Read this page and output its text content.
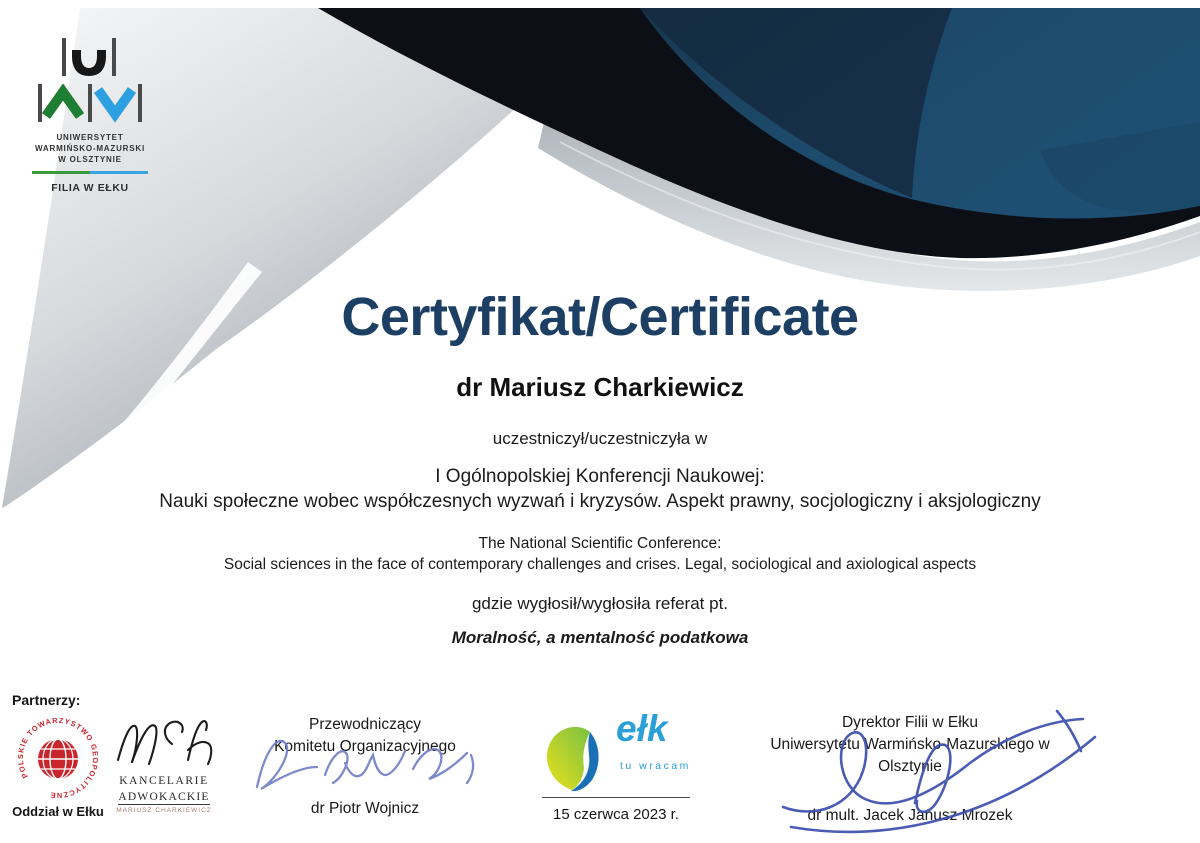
UNIWERSYTET
WARMIŃSKO-MAZURSKI
W OLSZTYNIE
FILIA W EŁKU
Certyfikat/Certificate
dr Mariusz Charkiewicz
uczestniczył/uczestniczyła w
I Ogólnopolskiej Konferencji Naukowej:
Nauki społeczne wobec współczesnych wyzwań i kryzysów. Aspekt prawny, socjologiczny i aksjologiczny
The National Scientific Conference:
Social sciences in the face of contemporary challenges and crises. Legal, sociological and axiological aspects
gdzie wygłosił/wygłosiła referat pt.
Moralność, a mentalność podatkowa
Partnerzy:
POLSKIE TOWARZYSTWO GEOPOLITYCZNE
Oddział w Ełku
KANCELARIE
ADWOKACKIE
MARIUSZ CHARKIEWICZ
Przewodniczący
Komitetu Organizacyjnego
dr Piotr Wojnicz
ełk
tu wracam
15 czerwca 2023 r.
Dyrektor Filii w Ełku
Uniwersytetu Warmińsko-Mazurskiego w Olsztynie
dr mult. Jacek Janusz Mrozek
